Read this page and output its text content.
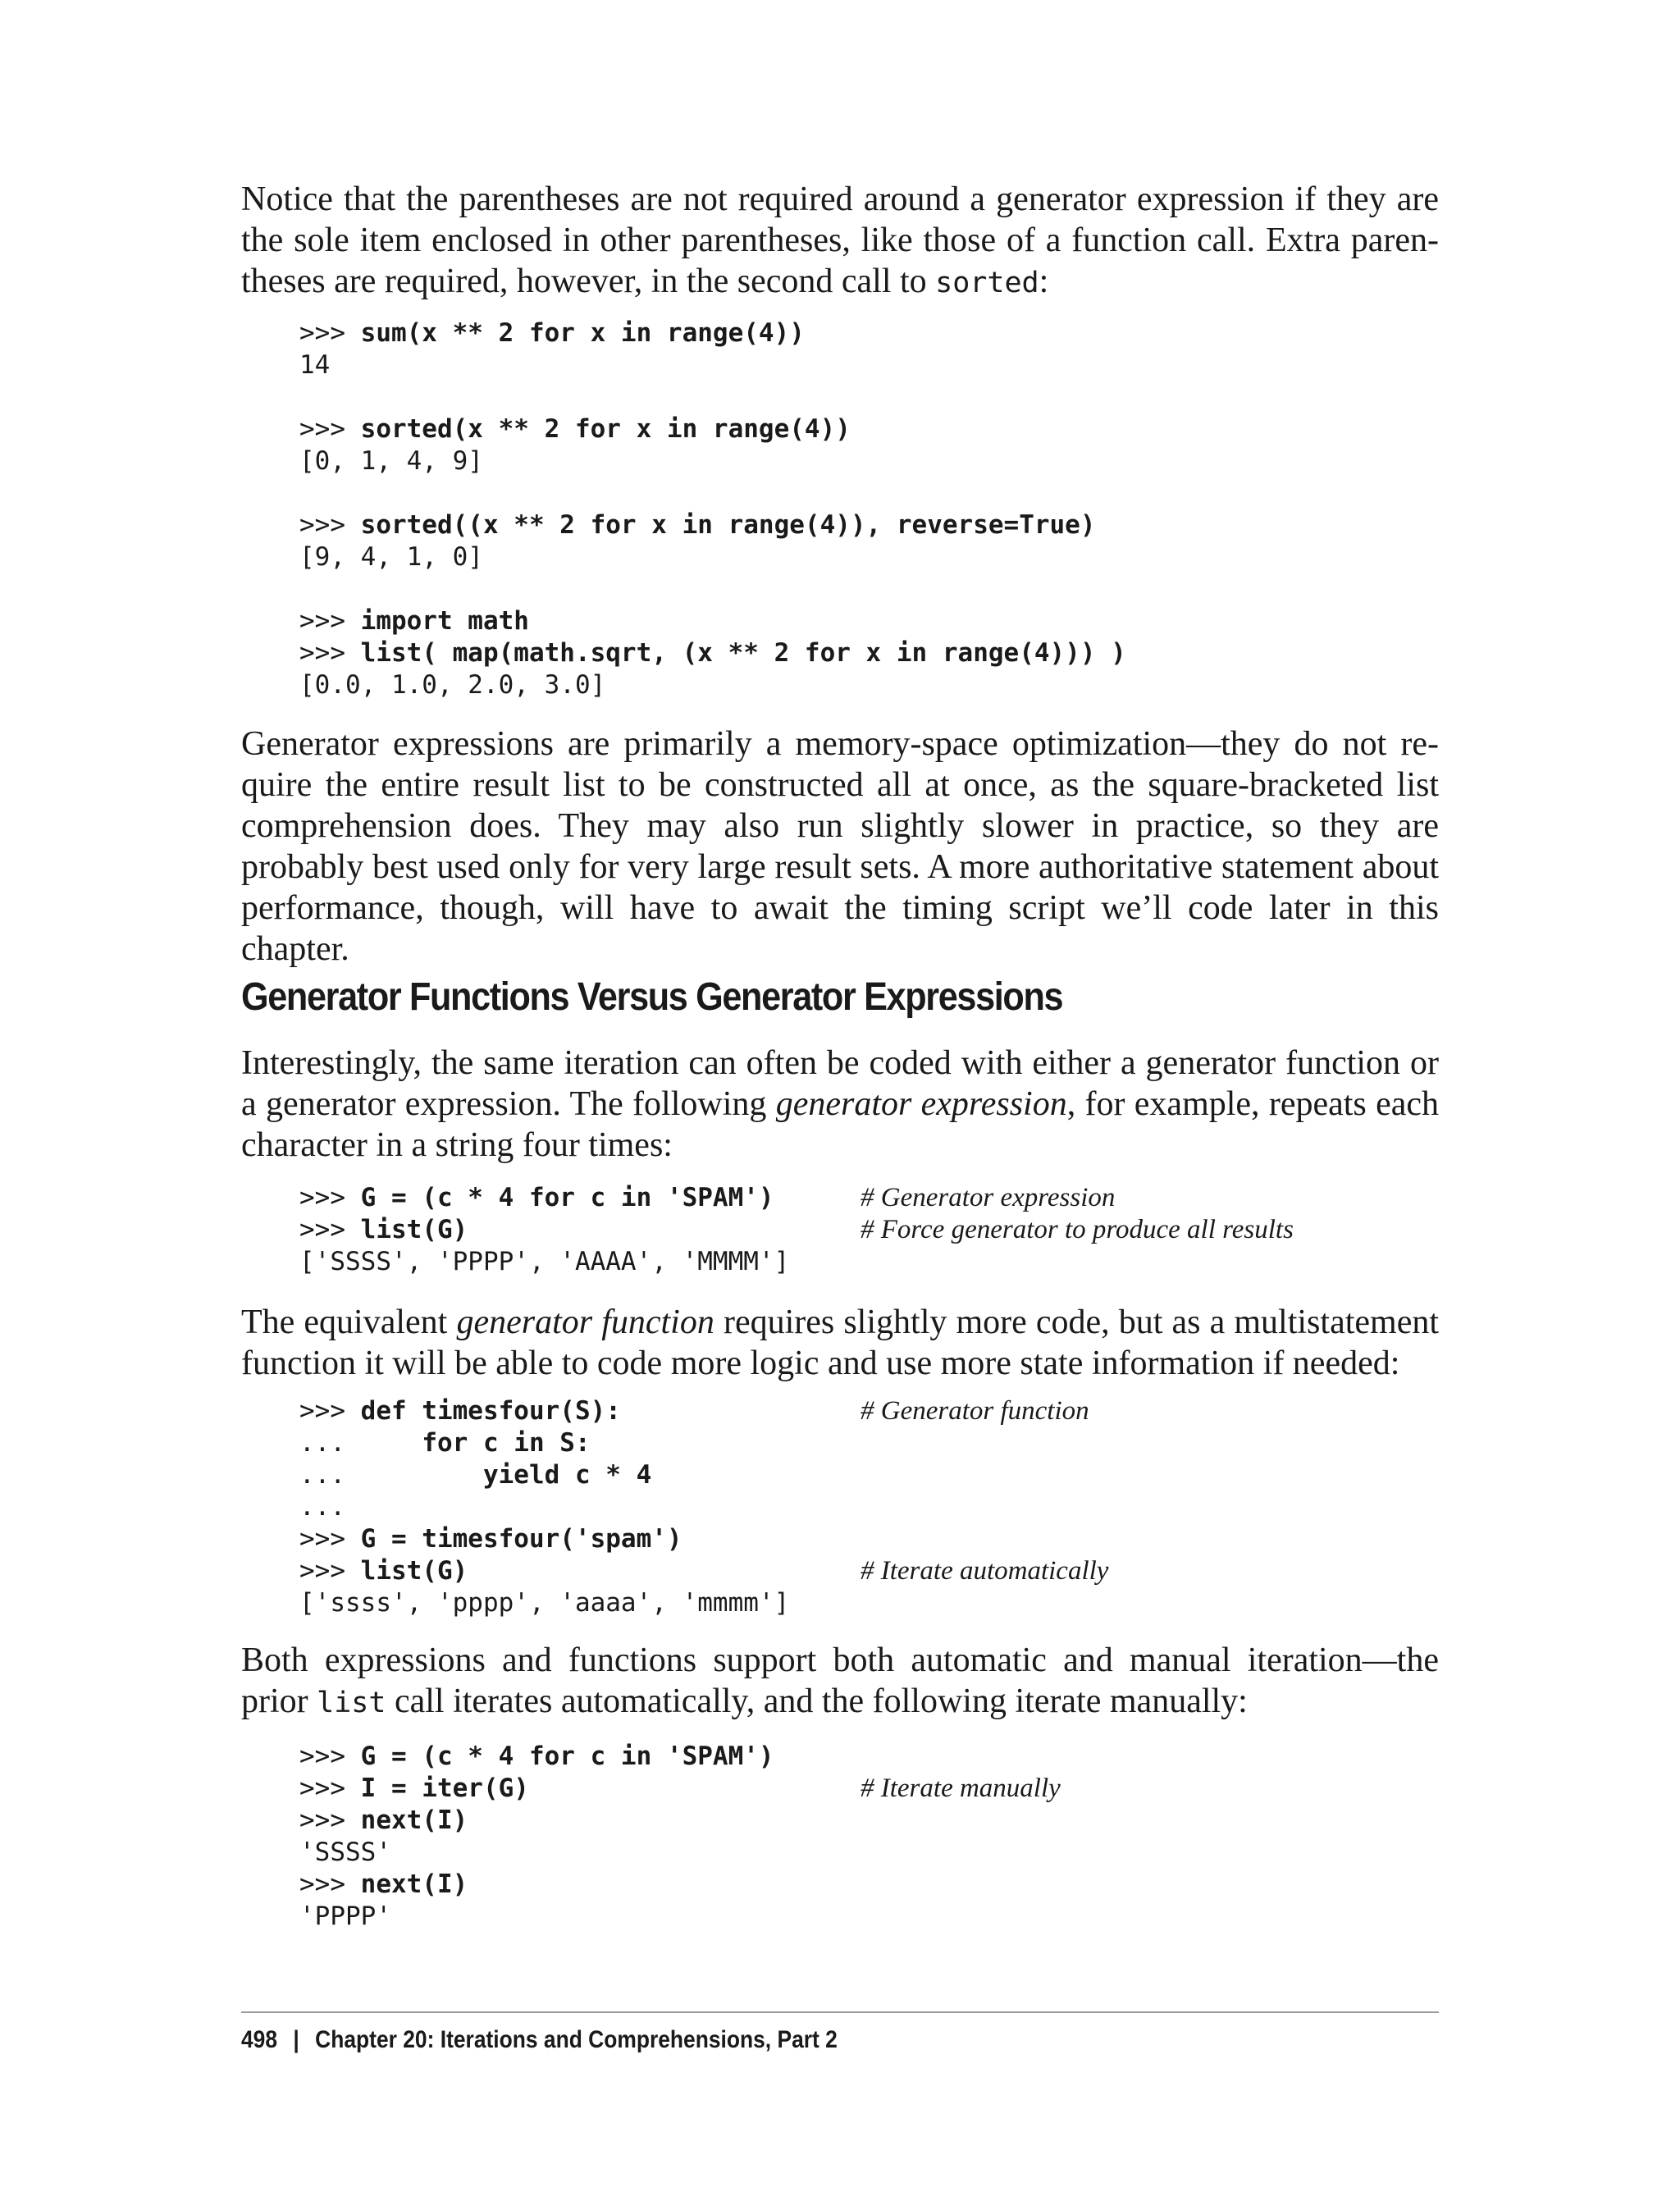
Notice that the parentheses are not required around a generator expression if they are the sole item enclosed in other parentheses, like those of a function call. Extra parentheses are required, however, in the second call to sorted:

>>> sum(x ** 2 for x in range(4))
14
>>> sorted(x ** 2 for x in range(4))
[0, 1, 4, 9]
>>> sorted((x ** 2 for x in range(4)), reverse=True)
[9, 4, 1, 0]
>>> import math
>>> list( map(math.sqrt, (x ** 2 for x in range(4))) )
[0.0, 1.0, 2.0, 3.0]

Generator expressions are primarily a memory-space optimization—they do not require the entire result list to be constructed all at once, as the square-bracketed list comprehension does. They may also run slightly slower in practice, so they are probably best used only for very large result sets. A more authoritative statement about performance, though, will have to await the timing script we’ll code later in this chapter.

Generator Functions Versus Generator Expressions

Interestingly, the same iteration can often be coded with either a generator function or a generator expression. The following generator expression, for example, repeats each character in a string four times:

>>> G = (c * 4 for c in 'SPAM')	# Generator expression
>>> list(G)	# Force generator to produce all results
['SSSS', 'PPPP', 'AAAA', 'MMMM']

The equivalent generator function requires slightly more code, but as a multistatement function it will be able to code more logic and use more state information if needed:

>>> def timesfour(S):	# Generator function
...     for c in S:
...         yield c * 4
...
>>> G = timesfour('spam')
>>> list(G)	# Iterate automatically
['ssss', 'pppp', 'aaaa', 'mmmm']

Both expressions and functions support both automatic and manual iteration—the prior list call iterates automatically, and the following iterate manually:

>>> G = (c * 4 for c in 'SPAM')
>>> I = iter(G)	# Iterate manually
>>> next(I)
'SSSS'
>>> next(I)
'PPPP'
498 | Chapter 20: Iterations and Comprehensions, Part 2
